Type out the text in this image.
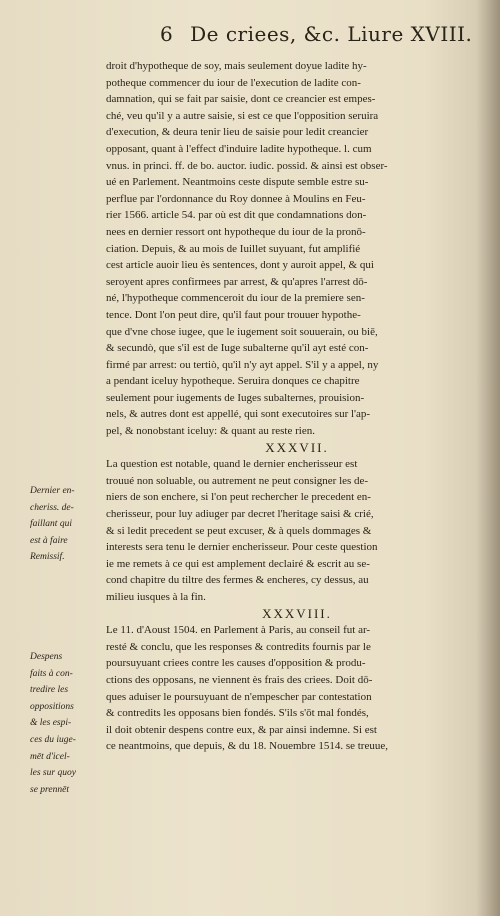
6 De criees, &c. Liure XVIII.
droit d'hypotheque de soy, mais seulement doyue ladite hy-
potheque commencer du iour de l'execution de ladite con-
damnation, qui se fait par saisie, dont ce creancier est empes-
ché, veu qu'il y a autre saisie, si est ce que l'opposition seruira
d'execution, & deura tenir lieu de saisie pour ledit creancier
opposant, quant à l'effect d'induire ladite hypotheque. l. cum
vnus. in princi. ff. de bo. auctor. iudic. possid. & ainsi est obser-
ué en Parlement. Neantmoins ceste dispute semble estre su-
perflue par l'ordonnance du Roy donnee à Moulins en Feu-
rier 1566. article 54. par où est dit que condamnations don-
nees en dernier ressort ont hypotheque du iour de la pronō-
ciation. Depuis, & au mois de Iuillet suyuant, fut amplifié
cest article auoir lieu ès sentences, dont y auroit appel, & qui
seroyent apres confirmees par arrest, & qu'apres l'arrest dō-
né, l'hypotheque commenceroit du iour de la premiere sen-
tence. Dont l'on peut dire, qu'il faut pour trouuer hypothe-
que d'vne chose iugee, que le iugement soit souuerain, ou biē,
& secundò, que s'il est de Iuge subalterne qu'il ayt esté con-
firmé par arrest: ou tertiò, qu'il n'y ayt appel. S'il y a appel, ny
a pendant iceluy hypotheque. Seruira donques ce chapitre
seulement pour iugements de Iuges subalternes, prouision-
nels, & autres dont est appellé, qui sont executoires sur l'ap-
pel, & nonobstant iceluy: & quant au reste rien.
XXXVII.
La question est notable, quand le dernier encherisseur est
trouué non soluable, ou autrement ne peut consigner les de-
niers de son enchere, si l'on peut rechercher le precedent en-
cherisseur, pour luy adiuger par decret l'heritage saisi & crié,
& si ledit precedent se peut excuser, & à quels dommages &
interests sera tenu le dernier encherisseur. Pour ceste question
ie me remets à ce qui est amplement declairé & escrit au se-
cond chapitre du tiltre des fermes & encheres, cy dessus, au
milieu iusques à la fin.
XXXVIII.
Le 11. d'Aoust 1504. en Parlement à Paris, au conseil fut ar-
resté & conclu, que les responses & contredits fournis par le
poursuyuant criees contre les causes d'opposition & produ-
ctions des opposans, ne viennent ès frais des criees. Doit dō-
ques aduiser le poursuyuant de n'empescher par contestation
& contredits les opposans bien fondés. S'ils s'ōt mal fondés,
il doit obtenir despens contre eux, & par ainsi indemne. Si est
ce neantmoins, que depuis, & du 18. Nouembre 1514. se treuue,
Dernier en-
cheriss. de-
faillant qui
est à faire
Remissif.
Despens
faits à con-
tredire les
oppositions
& les espi-
ces du iuge-
mēt d'icel-
les sur quoy
se prennēt
